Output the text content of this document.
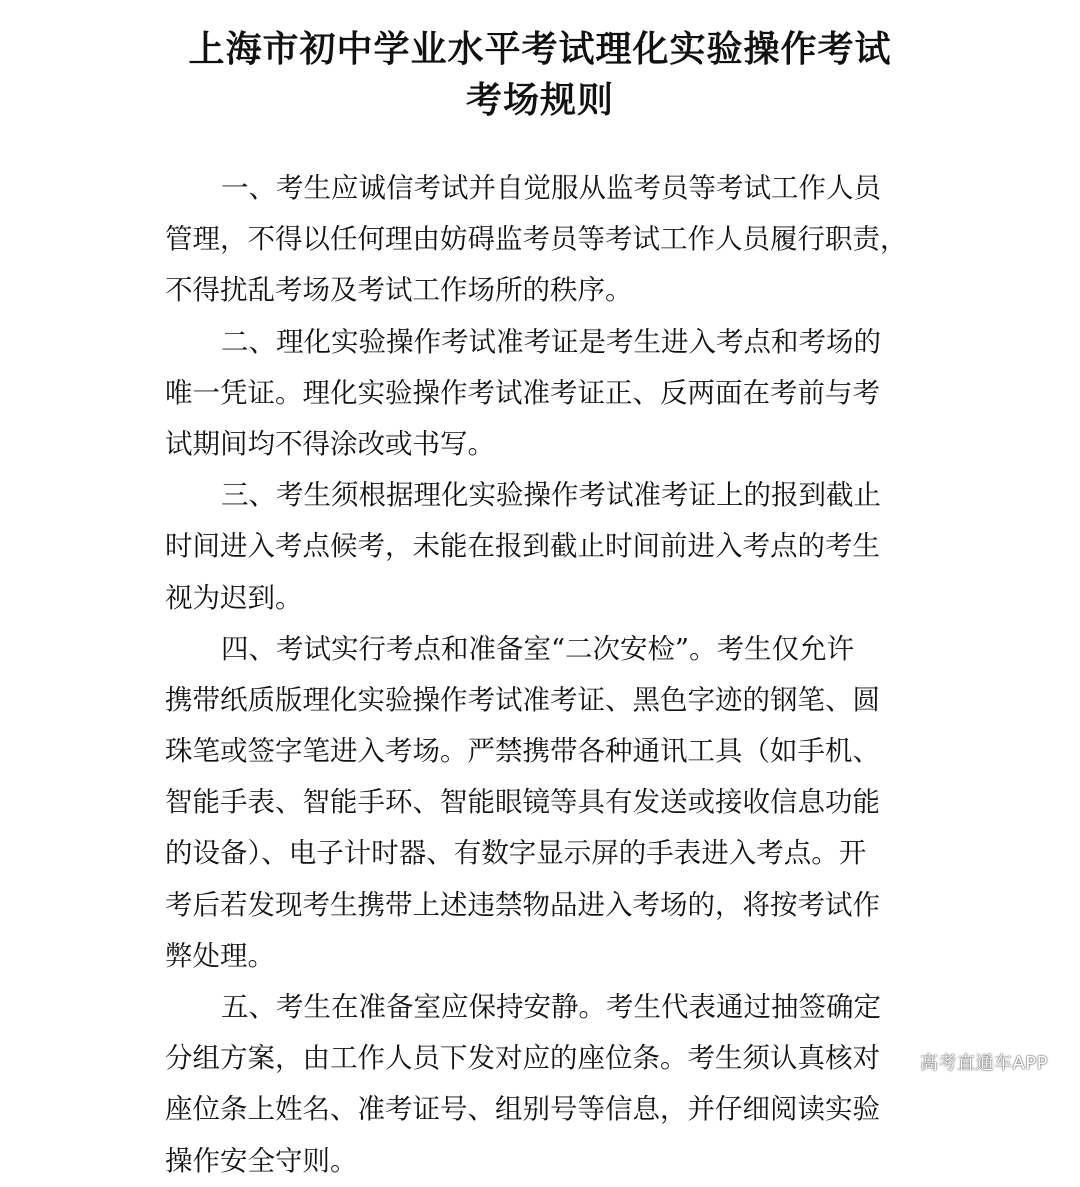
上海市初中学业水平考试理化实验操作考试
考场规则
一、考生应诚信考试并自觉服从监考员等考试工作人员
管理，不得以任何理由妨碍监考员等考试工作人员履行职责，
不得扰乱考场及考试工作场所的秩序。
二、理化实验操作考试准考证是考生进入考点和考场的
唯一凭证。理化实验操作考试准考证正、反两面在考前与考
试期间均不得涂改或书写。
三、考生须根据理化实验操作考试准考证上的报到截止
时间进入考点候考，未能在报到截止时间前进入考点的考生
视为迟到。
四、考试实行考点和准备室“二次安检”。考生仅允许
携带纸质版理化实验操作考试准考证、黑色字迹的钢笔、圆
珠笔或签字笔进入考场。严禁携带各种通讯工具（如手机、
智能手表、智能手环、智能眼镜等具有发送或接收信息功能
的设备）、电子计时器、有数字显示屏的手表进入考点。开
考后若发现考生携带上述违禁物品进入考场的，将按考试作
弊处理。
五、考生在准备室应保持安静。考生代表通过抽签确定
分组方案，由工作人员下发对应的座位条。考生须认真核对
座位条上姓名、准考证号、组别号等信息，并仔细阅读实验
操作安全守则。
高考直通车APP
